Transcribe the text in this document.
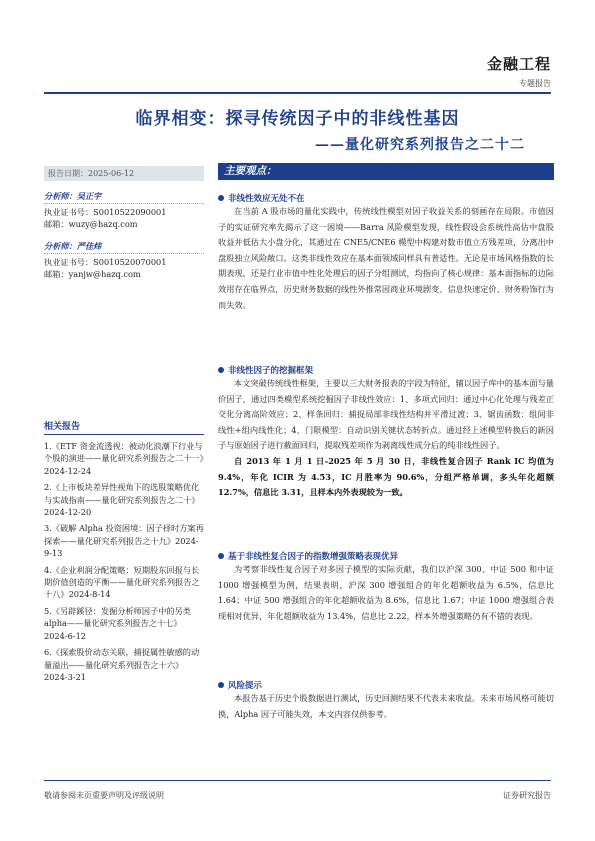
金融工程
专题报告
临界相变：探寻传统因子中的非线性基因
——量化研究系列报告之二十二
报告日期：2025-06-12
分析师：吴正宇
执业证书号：S0010522090001
邮箱：wuzy@hazq.com
分析师：严佳炜
执业证书号：S0010520070001
邮箱：yanjw@hazq.com
相关报告
1.《ETF 资金流透视：被动化浪潮下行业与个股的演进——量化研究系列报告之二十一》2024-12-24
2.《上市板块差异性视角下的选股策略优化与实战指南——量化研究系列报告之二十》2024-12-20
3.《破解 Alpha 投资困境：因子择时方案再探索——量化研究系列报告之十九》2024-9-13
4.《企业利润分配策略：短期股东回报与长期价值创造的平衡——量化研究系列报告之十八》2024-8-14
5.《另辟蹊径：发掘分析师因子中的另类 alpha——量化研究系列报告之十七》2024-6-12
6.《探索股价动态关联，捕捉属性敏感的动量溢出——量化研究系列报告之十六》2024-3-21
主要观点：
非线性效应无处不在

在当前 A 股市场的量化实践中，传统线性模型对因子收益关系的刻画存在局限。市值因子的实证研究率先揭示了这一困境——Barra 风险模型发现，线性假设会系统性高估中盘股收益并低估大小盘分化，其通过在 CNE5/CNE6 模型中构建对数市值立方残差项，分离出中盘股独立风险敞口。这类非线性效应在基本面领域同样具有普适性。无论是市场风格指数的长期表现，还是行业市值中性化处理后的因子分组测试，均指向了核心规律：基本面指标的边际效用存在临界点，历史财务数据的线性外推常因商业环境剧变、信息快速定价、财务粉饰行为而失效。

非线性因子的挖掘框架

本文突破传统线性框架，主要以三大财务报表的字段为特征，辅以因子库中的基本面与量价因子，通过四类模型系统挖掘因子非线性效应：1、多项式回归：通过中心化处理与残差正交化分离高阶效应；2、样条回归：捕捉局部非线性结构并平滑过渡；3、锯齿函数：组间非线性+组内线性化；4、门限模型：自动识别关键状态转折点。通过经上述模型转换后的新因子与原始因子进行截面回归，提取残差项作为剥离线性成分后的纯非线性因子。

自 2013 年 1 月 1 日-2025 年 5 月 30 日，非线性复合因子 Rank IC 均值为 9.4%，年化 ICIR 为 4.53，IC 月胜率为 90.6%，分组严格单调，多头年化超额 12.7%，信息比 3.31，且样本内外表现较为一致。

基于非线性复合因子的指数增强策略表现优异

为考察非线性复合因子对多因子模型的实际贡献，我们以沪深 300、中证 500 和中证 1000 增强模型为例，结果表明，沪深 300 增强组合的年化超额收益为 6.5%，信息比 1.64；中证 500 增强组合的年化超额收益为 8.6%，信息比 1.67；中证 1000 增强组合表现相对优异，年化超额收益为 13.4%，信息比 2.22，样本外增强策略仍有不错的表现。

风险提示

本报告基于历史个股数据进行测试，历史回测结果不代表未来收益。未来市场风格可能切换，Alpha 因子可能失效，本文内容仅供参考。

敬请参阅末页重要声明及评级说明	证券研究报告
